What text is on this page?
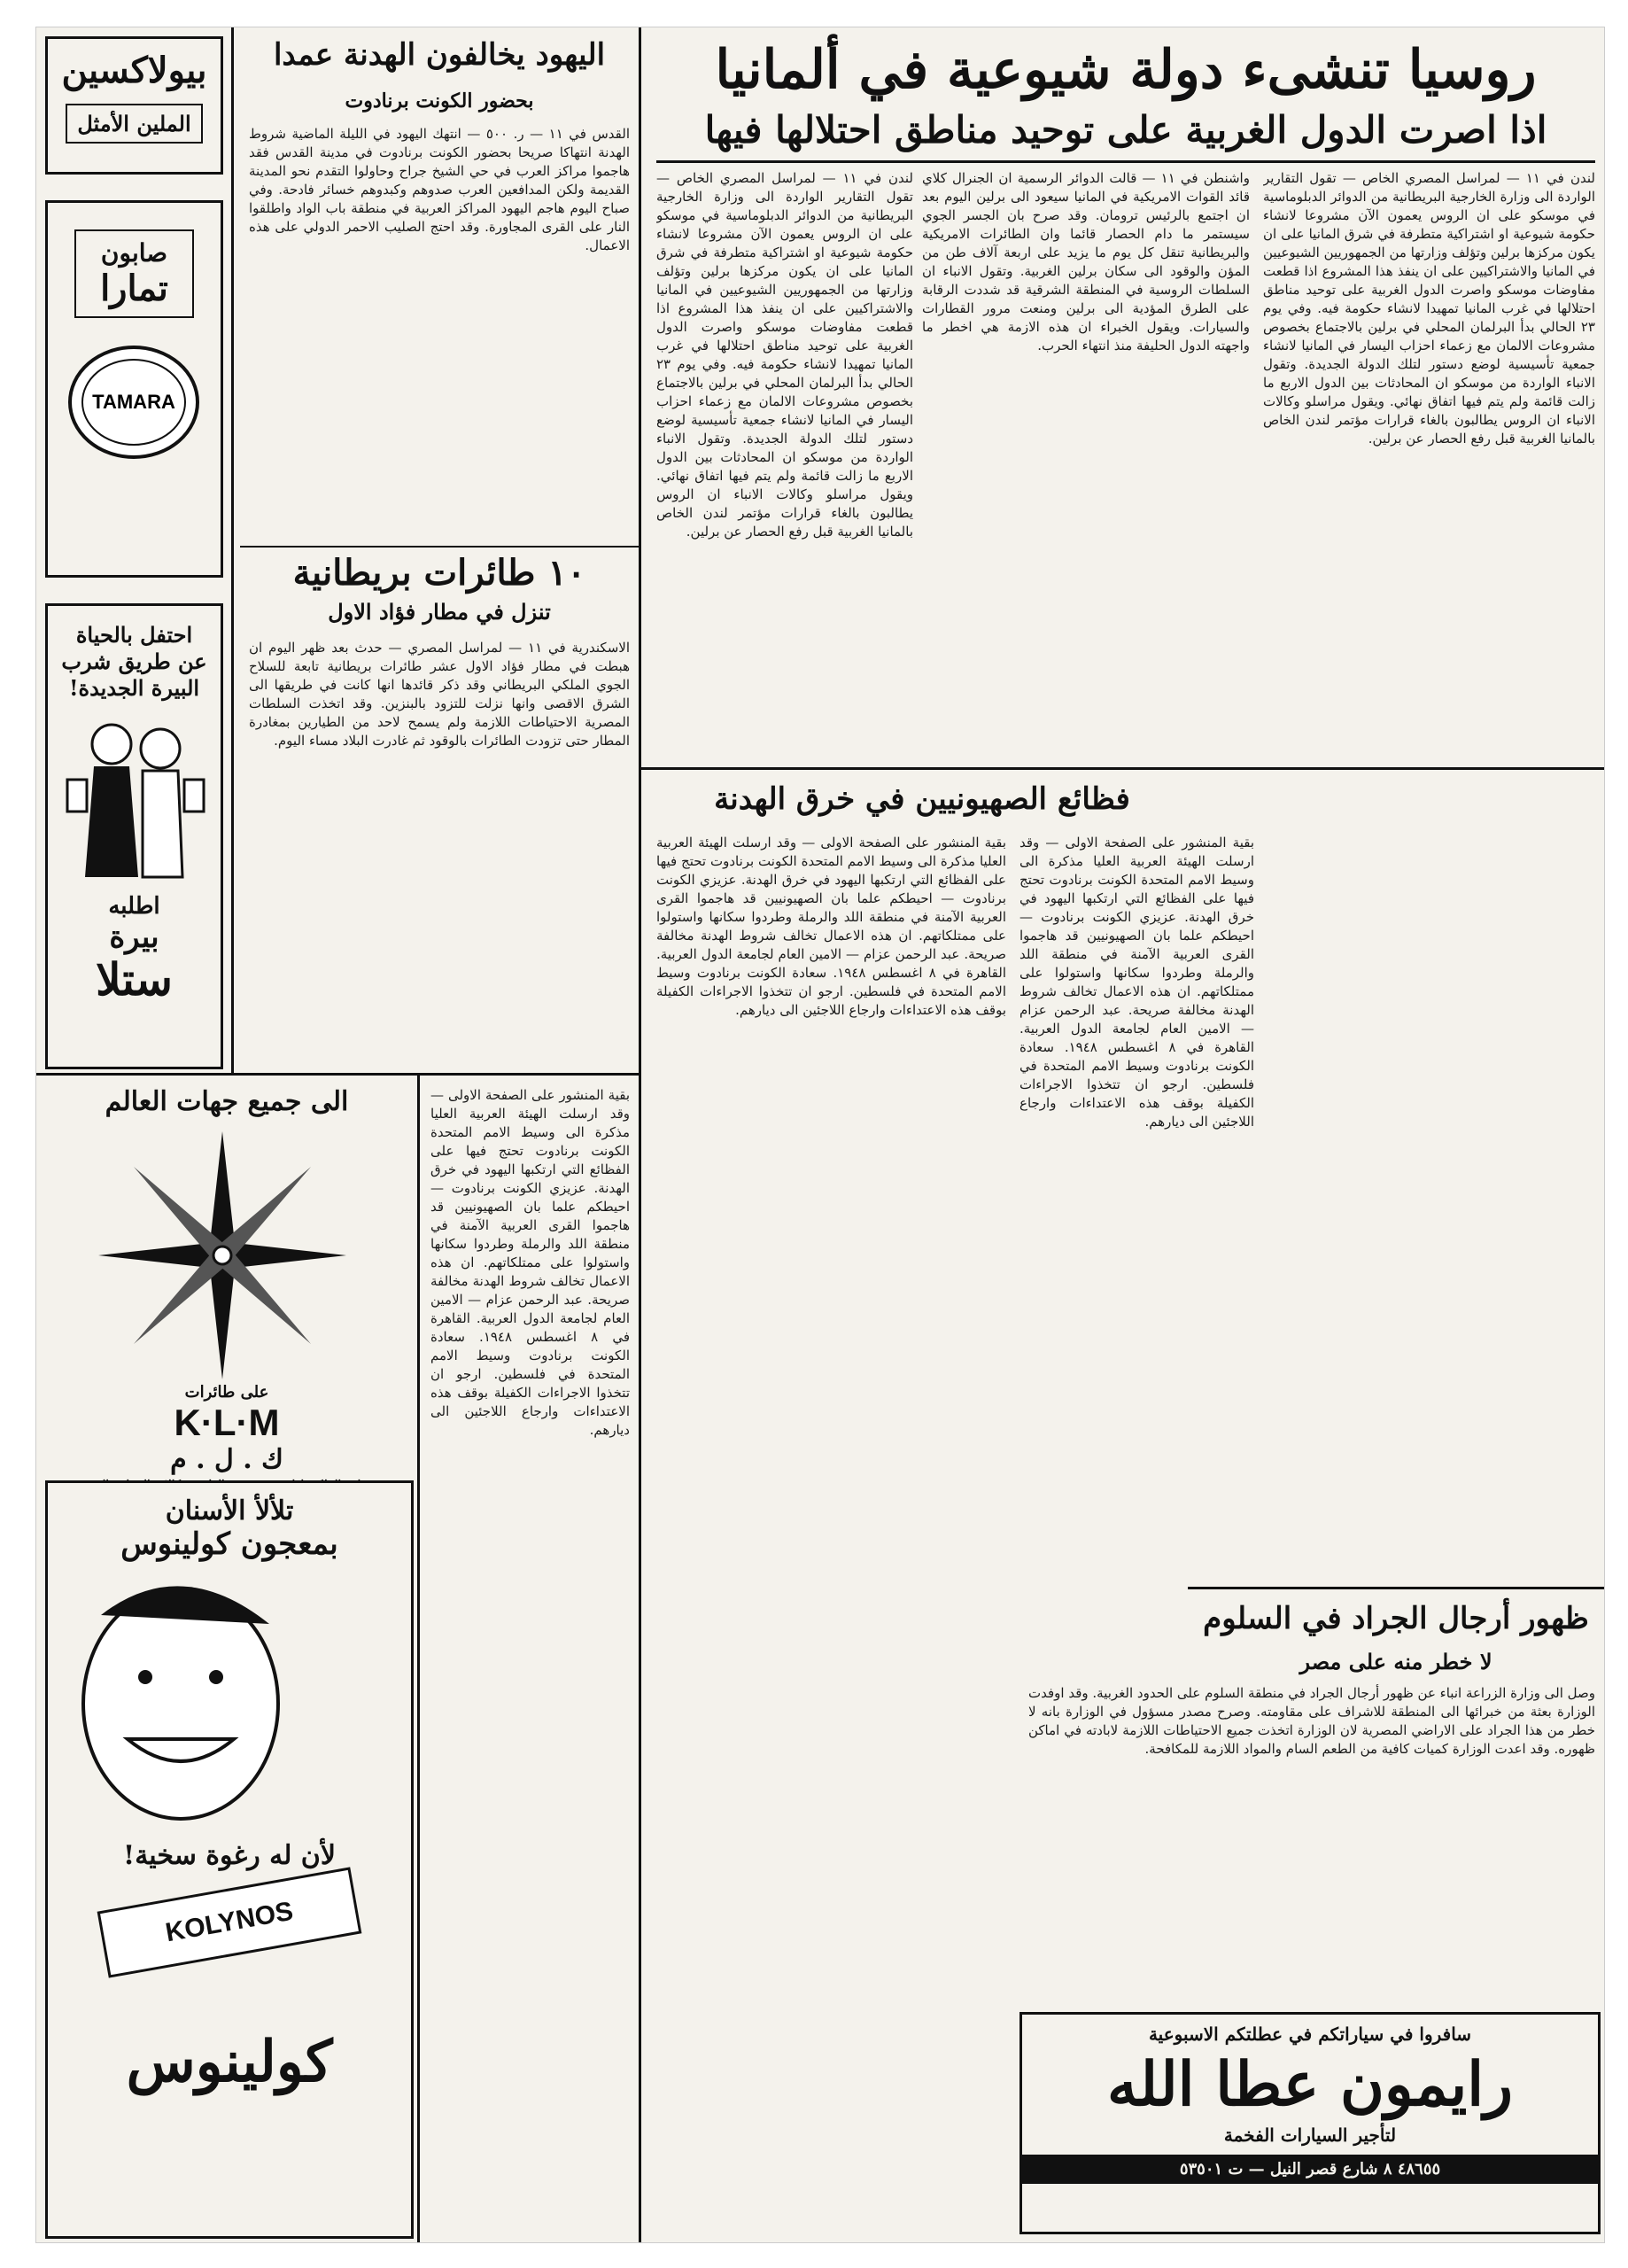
روسيا تنشىء دولة شيوعية في ألمانيا
اذا اصرت الدول الغربية على توحيد مناطق احتلالها فيها
لندن في ١١ — لمراسل المصري الخاص — تقول التقارير الواردة الى وزارة الخارجية البريطانية من الدوائر الدبلوماسية في موسكو على ان الروس يعمون الآن مشروعا لانشاء حكومة شيوعية او اشتراكية متطرفة في شرق المانيا على ان يكون مركزها برلين وتؤلف وزارتها من الجمهوريين الشيوعيين في المانيا والاشتراكيين على ان ينفذ هذا المشروع اذا قطعت مفاوضات موسكو واصرت الدول الغربية على توحيد مناطق احتلالها في غرب المانيا تمهيدا لانشاء حكومة فيه. وفي يوم ٢٣ الحالي بدأ البرلمان المحلي في برلين بالاجتماع بخصوص مشروعات الالمان مع زعماء احزاب اليسار في المانيا لانشاء جمعية تأسيسية لوضع دستور لتلك الدولة الجديدة. وتقول الانباء الواردة من موسكو ان المحادثات بين الدول الاربع ما زالت قائمة ولم يتم فيها اتفاق نهائي. ويقول مراسلو وكالات الانباء ان الروس يطالبون بالغاء قرارات مؤتمر لندن الخاص بالمانيا الغربية قبل رفع الحصار عن برلين.
واشنطن في ١١ — قالت الدوائر الرسمية ان الجنرال كلاي قائد القوات الامريكية في المانيا سيعود الى برلين اليوم بعد ان اجتمع بالرئيس ترومان. وقد صرح بان الجسر الجوي سيستمر ما دام الحصار قائما وان الطائرات الامريكية والبريطانية تنقل كل يوم ما يزيد على اربعة آلاف طن من المؤن والوقود الى سكان برلين الغربية. وتقول الانباء ان السلطات الروسية في المنطقة الشرقية قد شددت الرقابة على الطرق المؤدية الى برلين ومنعت مرور القطارات والسيارات. ويقول الخبراء ان هذه الازمة هي اخطر ما واجهته الدول الحليفة منذ انتهاء الحرب.
لندن في ١١ — لمراسل المصري الخاص — تقول التقارير الواردة الى وزارة الخارجية البريطانية من الدوائر الدبلوماسية في موسكو على ان الروس يعمون الآن مشروعا لانشاء حكومة شيوعية او اشتراكية متطرفة في شرق المانيا على ان يكون مركزها برلين وتؤلف وزارتها من الجمهوريين الشيوعيين في المانيا والاشتراكيين على ان ينفذ هذا المشروع اذا قطعت مفاوضات موسكو واصرت الدول الغربية على توحيد مناطق احتلالها في غرب المانيا تمهيدا لانشاء حكومة فيه. وفي يوم ٢٣ الحالي بدأ البرلمان المحلي في برلين بالاجتماع بخصوص مشروعات الالمان مع زعماء احزاب اليسار في المانيا لانشاء جمعية تأسيسية لوضع دستور لتلك الدولة الجديدة. وتقول الانباء الواردة من موسكو ان المحادثات بين الدول الاربع ما زالت قائمة ولم يتم فيها اتفاق نهائي. ويقول مراسلو وكالات الانباء ان الروس يطالبون بالغاء قرارات مؤتمر لندن الخاص بالمانيا الغربية قبل رفع الحصار عن برلين.
اليهود يخالفون الهدنة عمدا
بحضور الكونت برنادوت
القدس في ١١ — ر. ٥٠٠ — انتهك اليهود في الليلة الماضية شروط الهدنة انتهاكا صريحا بحضور الكونت برنادوت في مدينة القدس فقد هاجموا مراكز العرب في حي الشيخ جراح وحاولوا التقدم نحو المدينة القديمة ولكن المدافعين العرب صدوهم وكبدوهم خسائر فادحة. وفي صباح اليوم هاجم اليهود المراكز العربية في منطقة باب الواد واطلقوا النار على القرى المجاورة. وقد احتج الصليب الاحمر الدولي على هذه الاعمال.
١٠ طائرات بريطانية
تنزل في مطار فؤاد الاول
الاسكندرية في ١١ — لمراسل المصري — حدث بعد ظهر اليوم ان هبطت في مطار فؤاد الاول عشر طائرات بريطانية تابعة للسلاح الجوي الملكي البريطاني وقد ذكر قائدها انها كانت في طريقها الى الشرق الاقصى وانها نزلت للتزود بالبنزين. وقد اتخذت السلطات المصرية الاحتياطات اللازمة ولم يسمح لاحد من الطيارين بمغادرة المطار حتى تزودت الطائرات بالوقود ثم غادرت البلاد مساء اليوم.
فظائع الصهيونيين في خرق الهدنة
بقية المنشور على الصفحة الاولى — وقد ارسلت الهيئة العربية العليا مذكرة الى وسيط الامم المتحدة الكونت برنادوت تحتج فيها على الفظائع التي ارتكبها اليهود في خرق الهدنة. عزيزي الكونت برنادوت — احيطكم علما بان الصهيونيين قد هاجموا القرى العربية الآمنة في منطقة اللد والرملة وطردوا سكانها واستولوا على ممتلكاتهم. ان هذه الاعمال تخالف شروط الهدنة مخالفة صريحة. عبد الرحمن عزام — الامين العام لجامعة الدول العربية. القاهرة في ٨ اغسطس ١٩٤٨. سعادة الكونت برنادوت وسيط الامم المتحدة في فلسطين. ارجو ان تتخذوا الاجراءات الكفيلة بوقف هذه الاعتداءات وارجاع اللاجئين الى ديارهم.
بقية المنشور على الصفحة الاولى — وقد ارسلت الهيئة العربية العليا مذكرة الى وسيط الامم المتحدة الكونت برنادوت تحتج فيها على الفظائع التي ارتكبها اليهود في خرق الهدنة. عزيزي الكونت برنادوت — احيطكم علما بان الصهيونيين قد هاجموا القرى العربية الآمنة في منطقة اللد والرملة وطردوا سكانها واستولوا على ممتلكاتهم. ان هذه الاعمال تخالف شروط الهدنة مخالفة صريحة. عبد الرحمن عزام — الامين العام لجامعة الدول العربية. القاهرة في ٨ اغسطس ١٩٤٨. سعادة الكونت برنادوت وسيط الامم المتحدة في فلسطين. ارجو ان تتخذوا الاجراءات الكفيلة بوقف هذه الاعتداءات وارجاع اللاجئين الى ديارهم.
بقية المنشور على الصفحة الاولى — وقد ارسلت الهيئة العربية العليا مذكرة الى وسيط الامم المتحدة الكونت برنادوت تحتج فيها على الفظائع التي ارتكبها اليهود في خرق الهدنة. عزيزي الكونت برنادوت — احيطكم علما بان الصهيونيين قد هاجموا القرى العربية الآمنة في منطقة اللد والرملة وطردوا سكانها واستولوا على ممتلكاتهم. ان هذه الاعمال تخالف شروط الهدنة مخالفة صريحة. عبد الرحمن عزام — الامين العام لجامعة الدول العربية. القاهرة في ٨ اغسطس ١٩٤٨. سعادة الكونت برنادوت وسيط الامم المتحدة في فلسطين. ارجو ان تتخذوا الاجراءات الكفيلة بوقف هذه الاعتداءات وارجاع اللاجئين الى ديارهم.
ظهور أرجال الجراد في السلوم
لا خطر منه على مصر
وصل الى وزارة الزراعة انباء عن ظهور أرجال الجراد في منطقة السلوم على الحدود الغربية. وقد اوفدت الوزارة بعثة من خبرائها الى المنطقة للاشراف على مقاومته. وصرح مصدر مسؤول في الوزارة بانه لا خطر من هذا الجراد على الاراضي المصرية لان الوزارة اتخذت جميع الاحتياطات اللازمة لابادته في اماكن ظهوره. وقد اعدت الوزارة كميات كافية من الطعم السام والمواد اللازمة للمكافحة.
بيولاكسين
الملين الأمثل
صابون
تمارا
TAMARA
احتفل بالحياة
عن طريق شرب
البيرة الجديدة!
اطلبه
بيرة
ستلا
الى جميع جهات العالم
على طائرات
K·L·M
ك . ل . م
تلألأ الأسنان
بمعجون كولينوس
لأن له رغوة سخية!
KOLYNOS
كولينوس	سافروا في سياراتكم في عطلتكم الاسبوعية
رايمون عطا الله
لتأجير السيارات الفخمة
٤٨٦٥٥ ٨ شارع قصر النيل — ت ٥٣٥٠١
